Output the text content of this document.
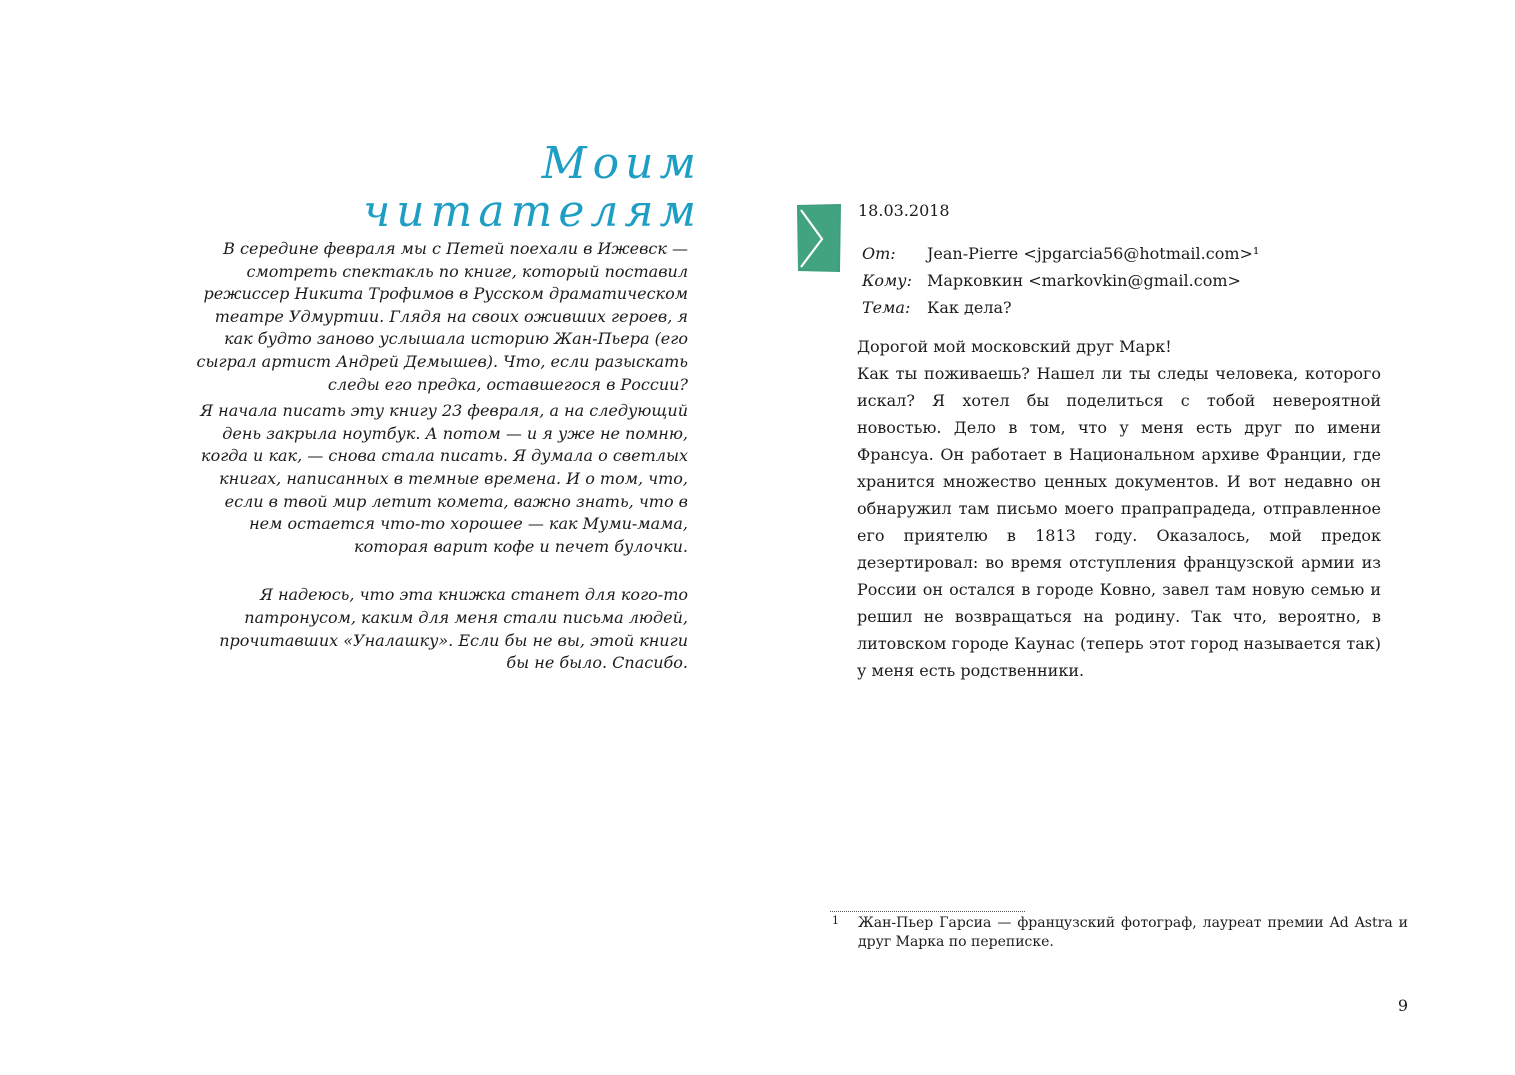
Моим читателям

В середине февраля мы с Петей поехали в Ижевск — смотреть спектакль по книге, который поставил режиссер Никита Трофимов в Русском драматическом театре Удмуртии. Глядя на своих оживших героев, я как будто заново услышала историю Жан-Пьера (его сыграл артист Андрей Демышев). Что, если разыскать следы его предка, оставшегося в России?

Я начала писать эту книгу 23 февраля, а на следующий день закрыла ноутбук. А потом — и я уже не помню, когда и как, — снова стала писать. Я думала о светлых книгах, написанных в темные времена. И о том, что, если в твой мир летит комета, важно знать, что в нем остается что-то хорошее — как Муми-мама, которая варит кофе и печет булочки.

Я надеюсь, что эта книжка станет для кого-то патронусом, каким для меня стали письма людей, прочитавших «Уналашку». Если бы не вы, этой книги бы не было. Спасибо.

18.03.2018
От:	Jean-Pierre <jpgarcia56@hotmail.com>¹
Кому: Марковкин <markovkin@gmail.com>
Тема:	Как дела?

Дорогой мой московский друг Марк!

Как ты поживаешь? Нашел ли ты следы человека, которого искал? Я хотел бы поделиться с тобой невероятной новостью. Дело в том, что у меня есть друг по имени Франсуа. Он работает в Национальном архиве Франции, где хранится множество ценных документов. И вот недавно он обнаружил там письмо моего прапрапрадеда, отправленное его приятелю в 1813 году. Оказалось, мой предок дезертировал: во время отступления французской армии из России он остался в городе Ковно, завел там новую семью и решил не возвращаться на родину. Так что, вероятно, в литовском городе Каунас (теперь этот город называется так) у меня есть родственники.

1 Жан-Пьер Гарсиа — французский фотограф, лауреат премии Ad Astra и друг Марка по переписке.
9
